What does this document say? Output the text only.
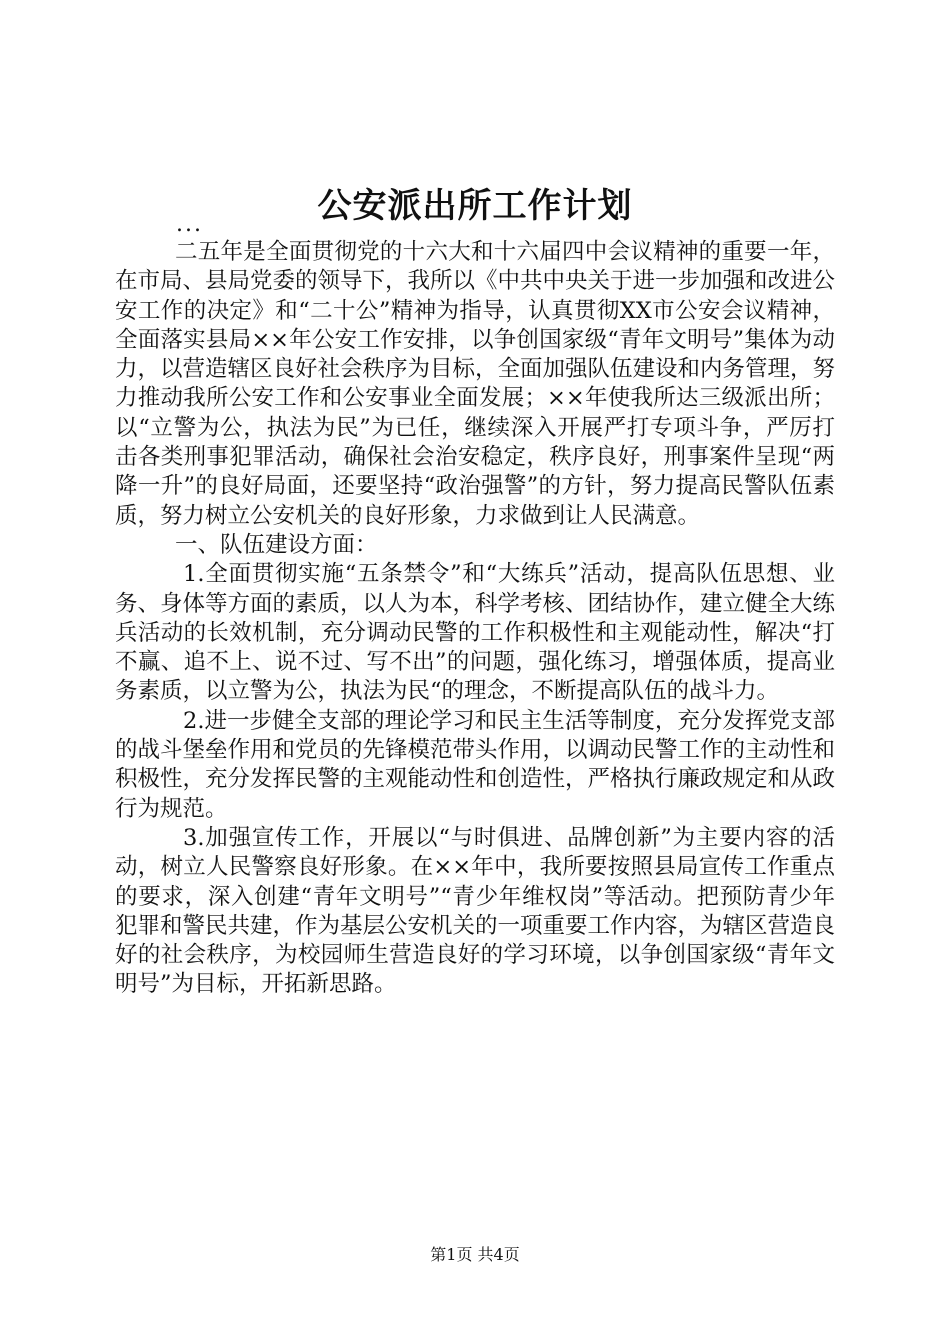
公安派出所工作计划
...

二五年是全面贯彻党的十六大和十六届四中会议精神的重要一年，在市局、县局党委的领导下，我所以《中共中央关于进一步加强和改进公安工作的决定》和“二十公”精神为指导，认真贯彻XX市公安会议精神，全面落实县局××年公安工作安排，以争创国家级“青年文明号”集体为动力，以营造辖区良好社会秩序为目标，全面加强队伍建设和内务管理，努力推动我所公安工作和公安事业全面发展；××年使我所达三级派出所；以“立警为公，执法为民”为已任，继续深入开展严打专项斗争，严厉打击各类刑事犯罪活动，确保社会治安稳定，秩序良好，刑事案件呈现“两降一升”的良好局面，还要坚持“政治强警”的方针，努力提高民警队伍素质，努力树立公安机关的良好形象，力求做到让人民满意。

一、队伍建设方面：

1.全面贯彻实施“五条禁令”和“大练兵”活动，提高队伍思想、业务、身体等方面的素质，以人为本，科学考核、团结协作，建立健全大练兵活动的长效机制，充分调动民警的工作积极性和主观能动性，解决“打不赢、追不上、说不过、写不出”的问题，强化练习，增强体质，提高业务素质，以立警为公，执法为民“的理念，不断提高队伍的战斗力。

2.进一步健全支部的理论学习和民主生活等制度，充分发挥党支部的战斗堡垒作用和党员的先锋模范带头作用，以调动民警工作的主动性和积极性，充分发挥民警的主观能动性和创造性，严格执行廉政规定和从政行为规范。

3.加强宣传工作，开展以“与时俱进、品牌创新”为主要内容的活动，树立人民警察良好形象。在××年中，我所要按照县局宣传工作重点的要求，深入创建“青年文明号”“青少年维权岗”等活动。把预防青少年犯罪和警民共建，作为基层公安机关的一项重要工作内容，为辖区营造良好的社会秩序，为校园师生营造良好的学习环境，以争创国家级“青年文明号”为目标，开拓新思路。

第1页 共4页
